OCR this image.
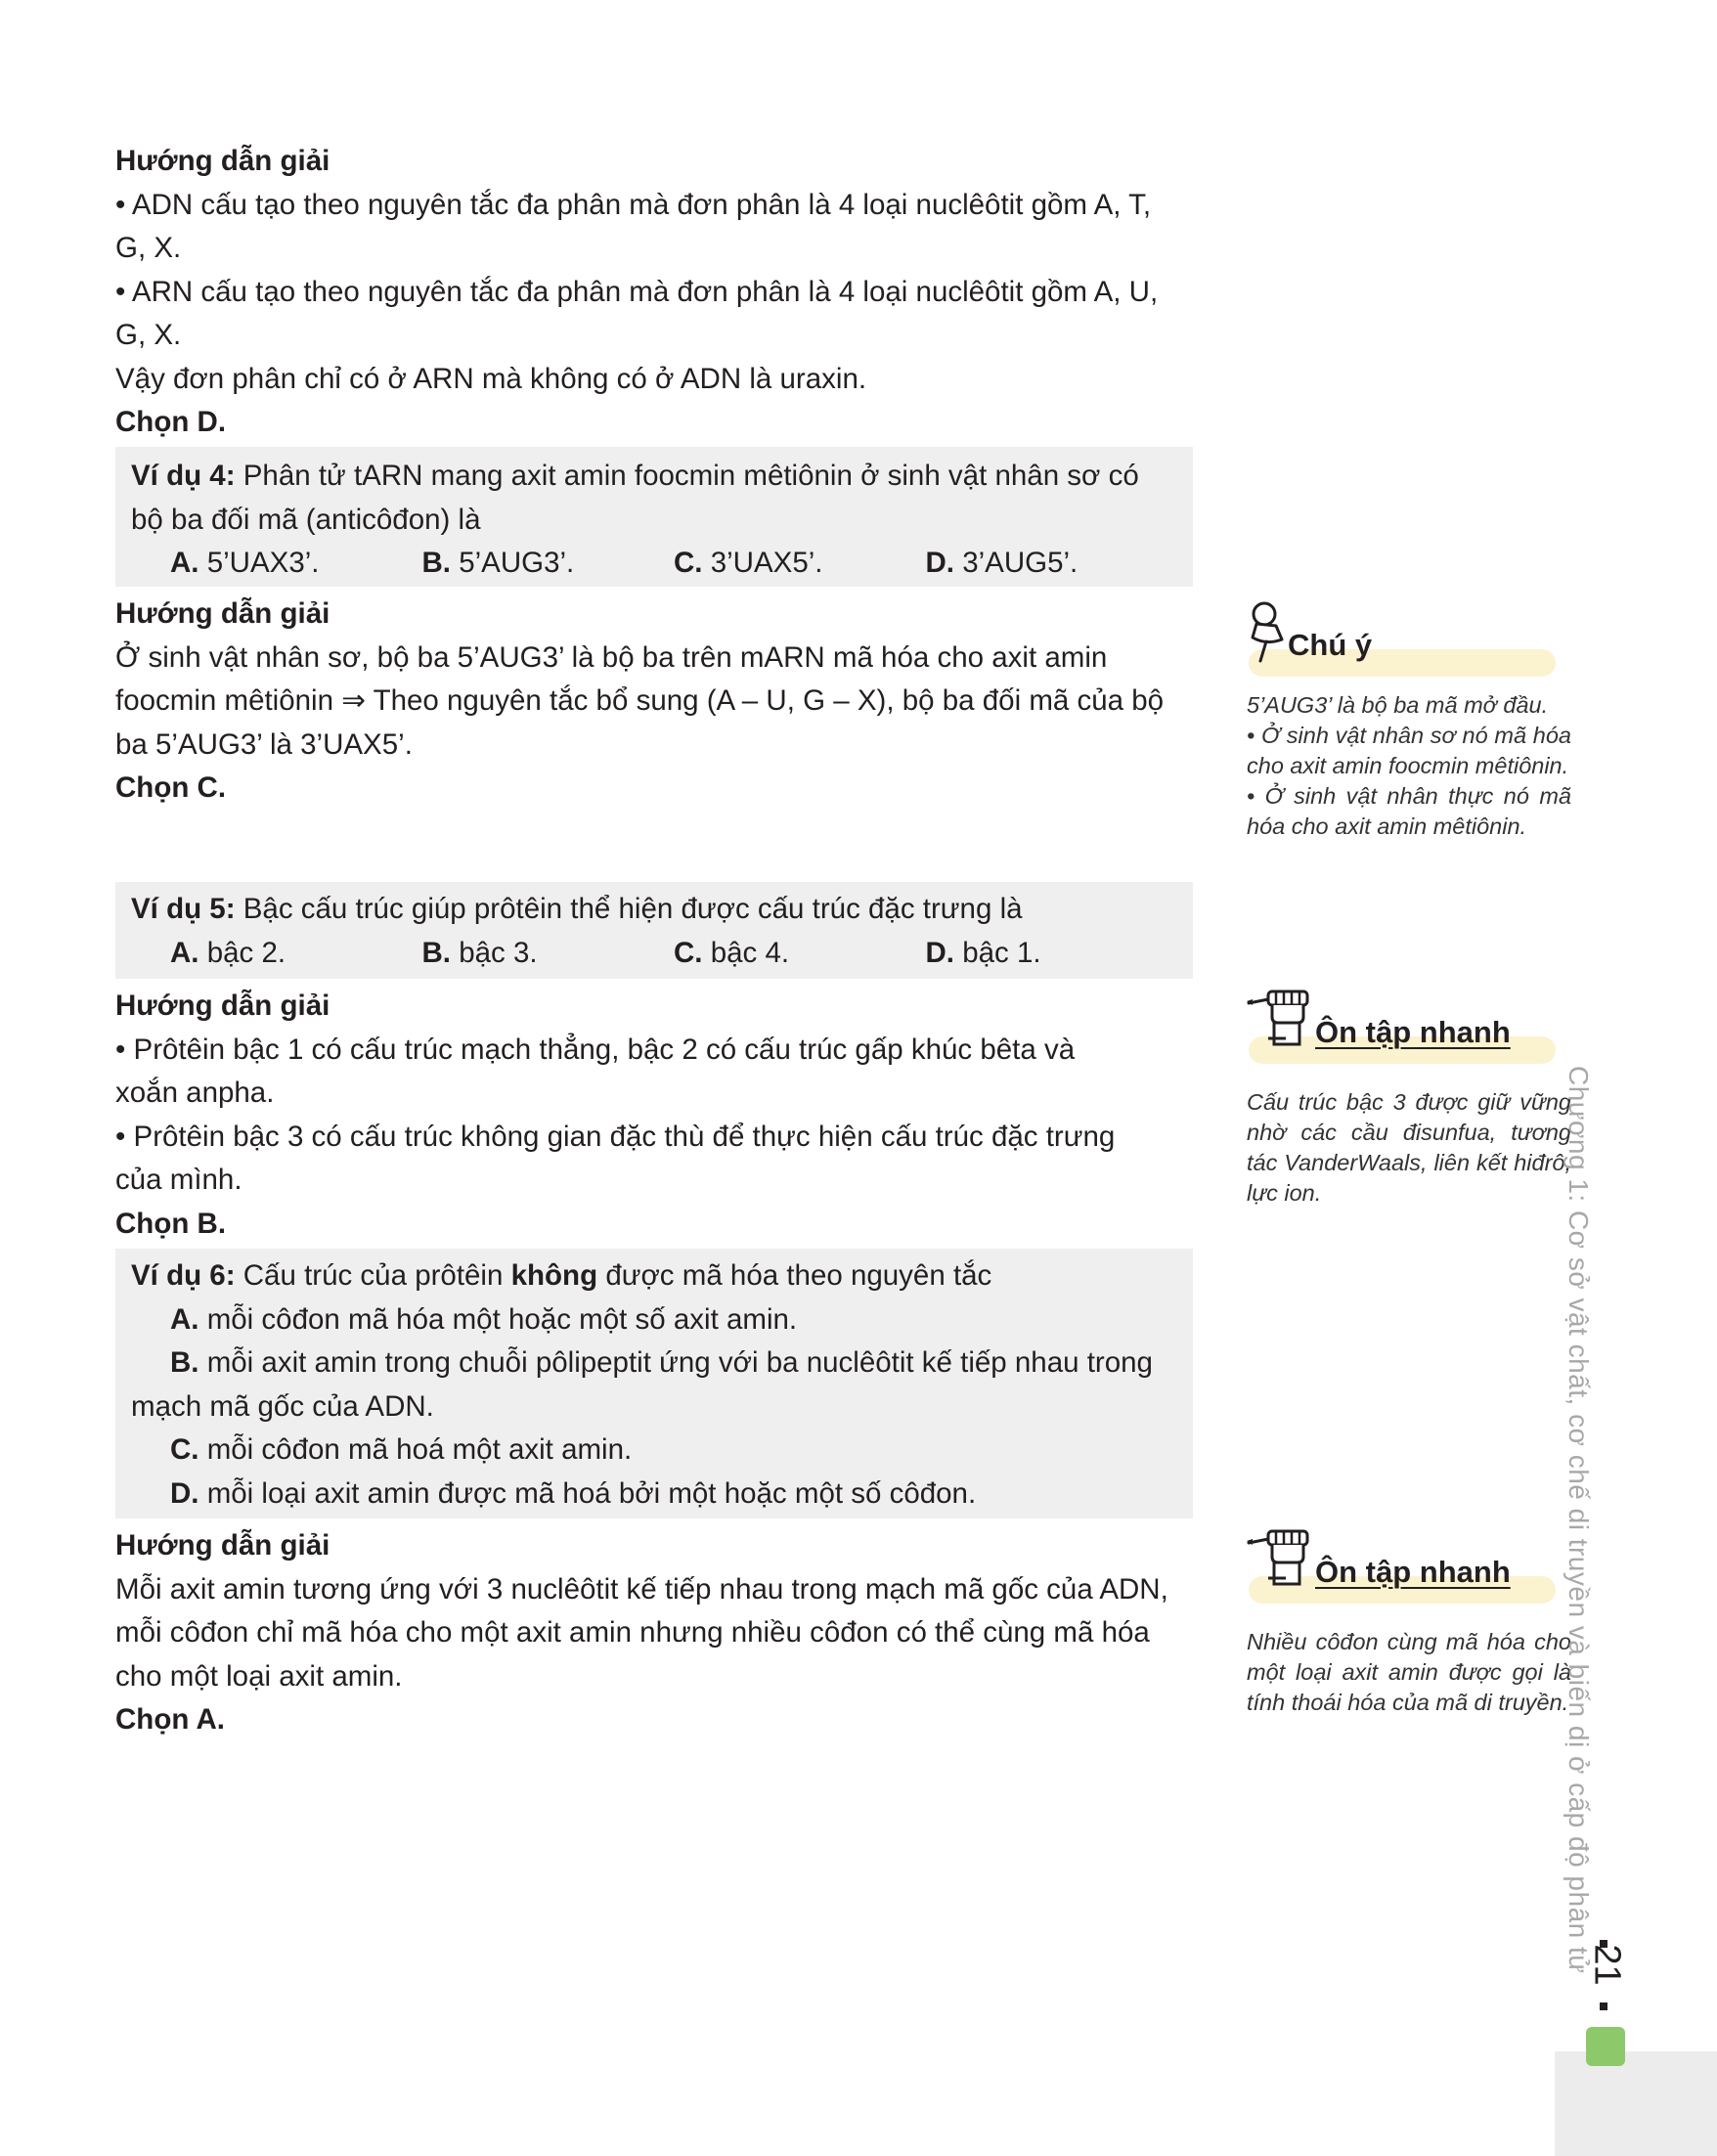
Hướng dẫn giải

• ADN cấu tạo theo nguyên tắc đa phân mà đơn phân là 4 loại nuclêôtit gồm A, T,

G, X.

• ARN cấu tạo theo nguyên tắc đa phân mà đơn phân là 4 loại nuclêôtit gồm A, U,

G, X.

Vậy đơn phân chỉ có ở ARN mà không có ở ADN là uraxin.

Chọn D.

Ví dụ 4: Phân tử tARN mang axit amin foocmin mêtiônin ở sinh vật nhân sơ có

bộ ba đối mã (anticôđon) là

A. 5’UAX3’.	B. 5’AUG3’.	C. 3’UAX5’.	D. 3’AUG5’.

Hướng dẫn giải

Ở sinh vật nhân sơ, bộ ba 5’AUG3’ là bộ ba trên mARN mã hóa cho axit amin

foocmin mêtiônin ⇒ Theo nguyên tắc bổ sung (A – U, G – X), bộ ba đối mã của bộ

ba 5’AUG3’ là 3’UAX5’.

Chọn C.

Ví dụ 5: Bậc cấu trúc giúp prôtêin thể hiện được cấu trúc đặc trưng là

A. bậc 2.	B. bậc 3.	C. bậc 4.	D. bậc 1.

Hướng dẫn giải

• Prôtêin bậc 1 có cấu trúc mạch thẳng, bậc 2 có cấu trúc gấp khúc bêta và

xoắn anpha.

• Prôtêin bậc 3 có cấu trúc không gian đặc thù để thực hiện cấu trúc đặc trưng

của mình.

Chọn B.

Ví dụ 6: Cấu trúc của prôtêin không được mã hóa theo nguyên tắc

A. mỗi côđon mã hóa một hoặc một số axit amin.

B. mỗi axit amin trong chuỗi pôlipeptit ứng với ba nuclêôtit kế tiếp nhau trong

mạch mã gốc của ADN.

C. mỗi côđon mã hoá một axit amin.

D. mỗi loại axit amin được mã hoá bởi một hoặc một số côđon.

Hướng dẫn giải

Mỗi axit amin tương ứng với 3 nuclêôtit kế tiếp nhau trong mạch mã gốc của ADN,

mỗi côđon chỉ mã hóa cho một axit amin nhưng nhiều côđon có thể cùng mã hóa

cho một loại axit amin.

Chọn A.

Chú ý

5’AUG3’ là bộ ba mã mở đầu.

• Ở sinh vật nhân sơ nó mã hóa cho axit amin foocmin mêtiônin.

• Ở sinh vật nhân thực nó mã hóa cho axit amin mêtiônin.

Ôn tập nhanh

Cấu trúc bậc 3 được giữ vững nhờ các cầu đisunfua, tương tác VanderWaals, liên kết hiđrô, lực ion.

Ôn tập nhanh

Nhiều côđon cùng mã hóa cho một loại axit amin được gọi là tính thoái hóa của mã di truyền.

Chương 1: Cơ sở vật chất, cơ chế di truyền và biến dị ở cấp độ phân tử
21
